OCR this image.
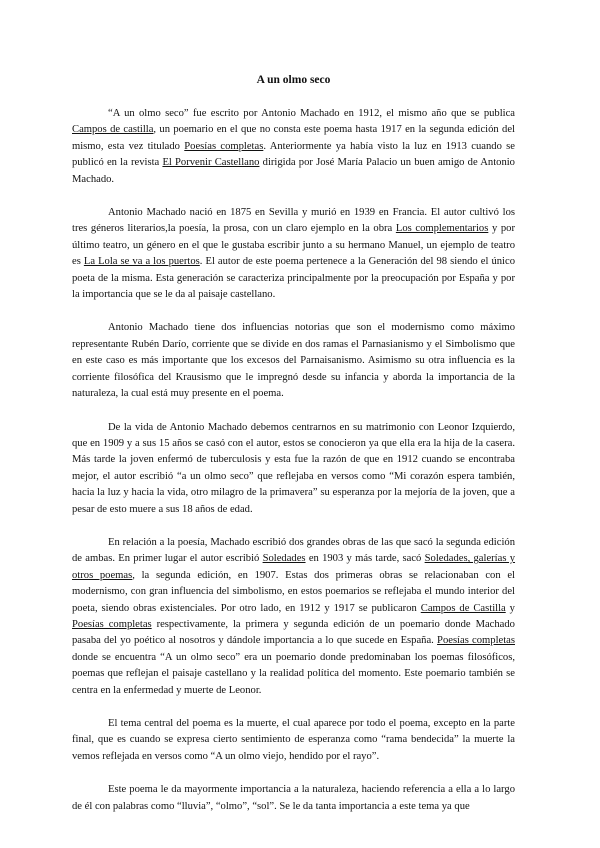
A un olmo seco

“A un olmo seco” fue escrito por Antonio Machado en 1912, el mismo año que se publica Campos de castilla, un poemario en el que no consta este poema hasta 1917 en la segunda edición del mismo, esta vez titulado Poesías completas. Anteriormente ya había visto la luz en 1913 cuando se publicó en la revista El Porvenir Castellano dirigida por José María Palacio un buen amigo de Antonio Machado.

Antonio Machado nació en 1875 en Sevilla y murió en 1939 en Francia. El autor cultivó los tres géneros literarios,la poesía, la prosa, con un claro ejemplo en la obra Los complementarios y por último teatro, un género en el que le gustaba escribir junto a su hermano Manuel, un ejemplo de teatro es La Lola se va a los puertos. El autor de este poema pertenece a la Generación del 98 siendo el único poeta de la misma. Esta generación se caracteriza principalmente por la preocupación por España y por la importancia que se le da al paisaje castellano.

Antonio Machado tiene dos influencias notorias que son el modernismo como máximo representante Rubén Darío, corriente que se divide en dos ramas el Parnasianismo y el Simbolismo que en este caso es más importante que los excesos del Parnaisanismo. Asimismo su otra influencia es la corriente filosófica del Krausismo que le impregnó desde su infancia y aborda la importancia de la naturaleza, la cual está muy presente en el poema.

De la vida de Antonio Machado debemos centrarnos en su matrimonio con Leonor Izquierdo, que en 1909 y a sus 15 años se casó con el autor, estos se conocieron ya que ella era la hija de la casera. Más tarde la joven enfermó de tuberculosis y esta fue la razón de que en 1912 cuando se encontraba mejor, el autor escribió “a un olmo seco” que reflejaba en versos como “Mi corazón espera también, hacia la luz y hacia la vida, otro milagro de la primavera” su esperanza por la mejoría de la joven, que a pesar de esto muere a sus 18 años de edad.

En relación a la poesía, Machado escribió dos grandes obras de las que sacó la segunda edición de ambas. En primer lugar el autor escribió Soledades en 1903 y más tarde, sacó Soledades, galerías y otros poemas, la segunda edición, en 1907. Estas dos primeras obras se relacionaban con el modernismo, con gran influencia del simbolismo, en estos poemarios se reflejaba el mundo interior del poeta, siendo obras existenciales. Por otro lado, en 1912 y 1917 se publicaron Campos de Castilla y Poesías completas respectivamente, la primera y segunda edición de un poemario donde Machado pasaba del yo poético al nosotros y dándole importancia a lo que sucede en España. Poesías completas donde se encuentra “A un olmo seco” era un poemario donde predominaban los poemas filosóficos, poemas que reflejan el paisaje castellano y la realidad política del momento. Este poemario también se centra en la enfermedad y muerte de Leonor.

El tema central del poema es la muerte, el cual aparece por todo el poema, excepto en la parte final, que es cuando se expresa cierto sentimiento de esperanza como “rama bendecida” la muerte la vemos reflejada en versos como “A un olmo viejo, hendido por el rayo”.

Este poema le da mayormente importancia a la naturaleza, haciendo referencia a ella a lo largo de él con palabras como “lluvia”, “olmo”, “sol”. Se le da tanta importancia a este tema ya que
